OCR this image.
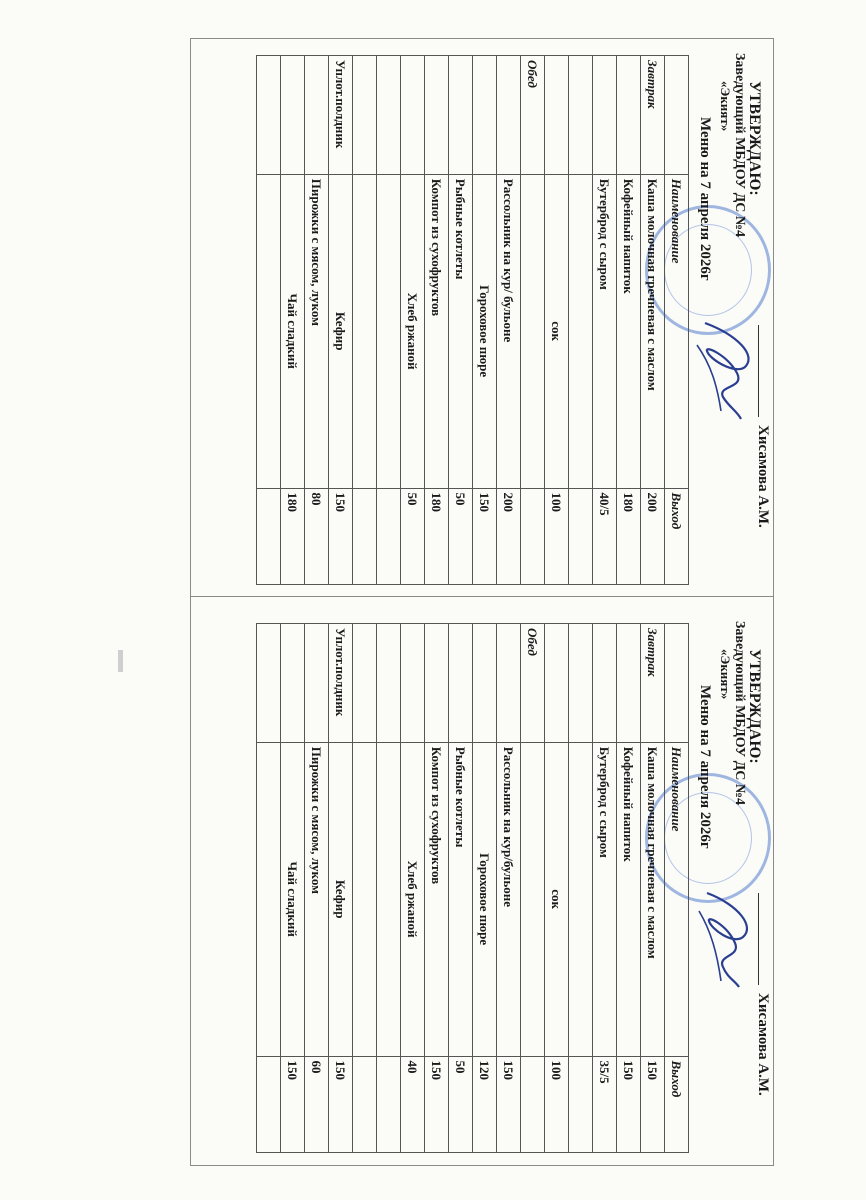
УТВЕРЖДАЮ:
Заведующий МБДОУ ДС №4
«Экият»
Хисамова А.М.
Меню на 7 апреля 2026г
	Наименование	Выход
Завтрак	Каша молочная гречневая с маслом	200
	Кофейный напиток	180
	Бутерброд с сыром	40/5

	сок	100
Обед		
	Рассольник на кур/ бульоне	200
	Гороховое пюре	150
	Рыбные котлеты	50
	Компот из сухофруктов	180
	Хлеб ржаной	50

Уплот.полдник	Кефир	150
	Пирожки с мясом, луком	80
	Чай сладкий	180

УТВЕРЖДАЮ:
Заведующий МБДОУ ДС №4
«Экият»
Хисамова А.М.
Меню на 7 апреля 2026г
	Наименование	Выход
Завтрак	Каша молочная гречневая с маслом	150
	Кофейный напиток	150
	Бутерброд с сыром	35/5

	сок	100
Обед		
	Рассольник на кур/бульоне	150
	Гороховое пюре	120
	Рыбные котлеты	50
	Компот из сухофруктов	150
	Хлеб ржаной	40

Уплот.полдник	Кефир	150
	Пирожки с мясом, луком	60
	Чай сладкий	150
